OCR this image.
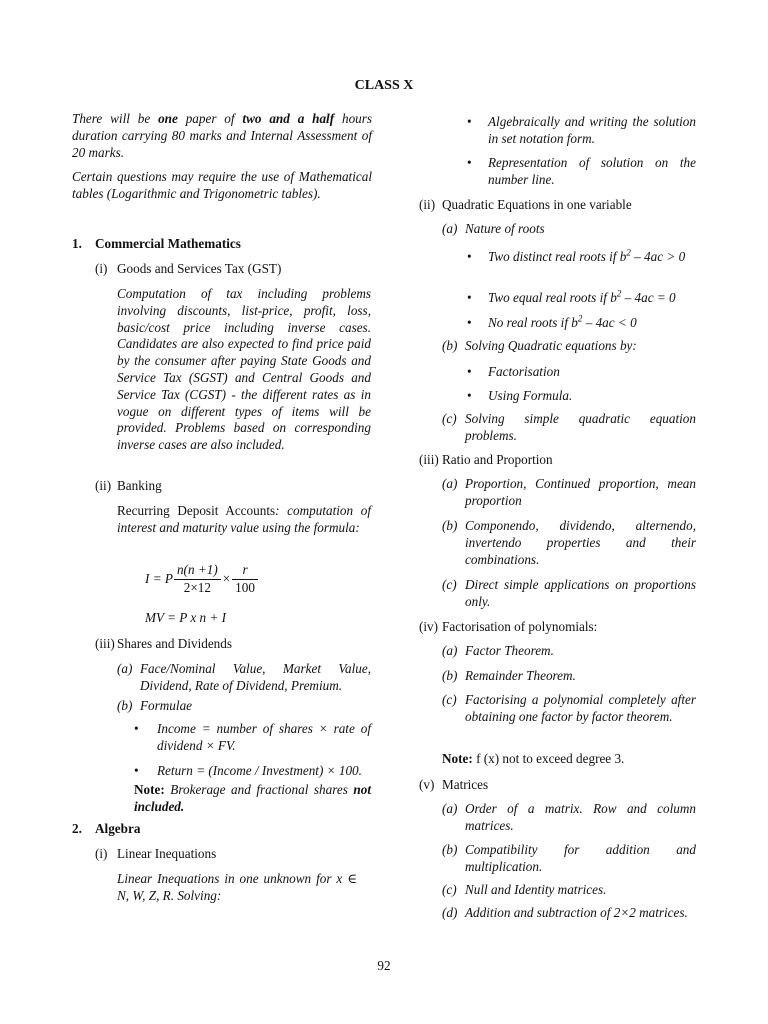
CLASS X
There will be one paper of two and a half hours duration carrying 80 marks and Internal Assessment of 20 marks.
Certain questions may require the use of Mathematical tables (Logarithmic and Trigonometric tables).
1. Commercial Mathematics
(i) Goods and Services Tax (GST)
Computation of tax including problems involving discounts, list-price, profit, loss, basic/cost price including inverse cases. Candidates are also expected to find price paid by the consumer after paying State Goods and Service Tax (SGST) and Central Goods and Service Tax (CGST) - the different rates as in vogue on different types of items will be provided. Problems based on corresponding inverse cases are also included.
(ii) Banking
Recurring Deposit Accounts: computation of interest and maturity value using the formula:
I = P $\frac{n(n +1)}{2\times 12} \times \frac{r}{100}$
MV = P x n + I
(iii) Shares and Dividends
(a) Face/Nominal Value, Market Value, Dividend, Rate of Dividend, Premium.
(b) Formulae
• Income = number of shares × rate of dividend × FV.
• Return = (Income / Investment) × 100.
Note: Brokerage and fractional shares not included.
2. Algebra
(i) Linear Inequations
Linear Inequations in one unknown for x ∈ N, W, Z, R. Solving:
• Algebraically and writing the solution in set notation form.
• Representation of solution on the number line.
(ii) Quadratic Equations in one variable
(a) Nature of roots
• Two distinct real roots if $b^2 - 4ac > 0$
• Two equal real roots if $b^2 - 4ac = 0$
• No real roots if $b^2 - 4ac < 0$
(b) Solving Quadratic equations by:
• Factorisation
• Using Formula.
(c) Solving simple quadratic equation problems.
(iii) Ratio and Proportion
(a) Proportion, Continued proportion, mean proportion
(b) Componendo, dividendo, alternendo, invertendo properties and their combinations.
(c) Direct simple applications on proportions only.
(iv) Factorisation of polynomials:
(a) Factor Theorem.
(b) Remainder Theorem.
(c) Factorising a polynomial completely after obtaining one factor by factor theorem.
Note: f (x) not to exceed degree 3.
(v) Matrices
(a) Order of a matrix. Row and column matrices.
(b) Compatibility for addition and multiplication.
(c) Null and Identity matrices.
(d) Addition and subtraction of 2×2 matrices.
92
